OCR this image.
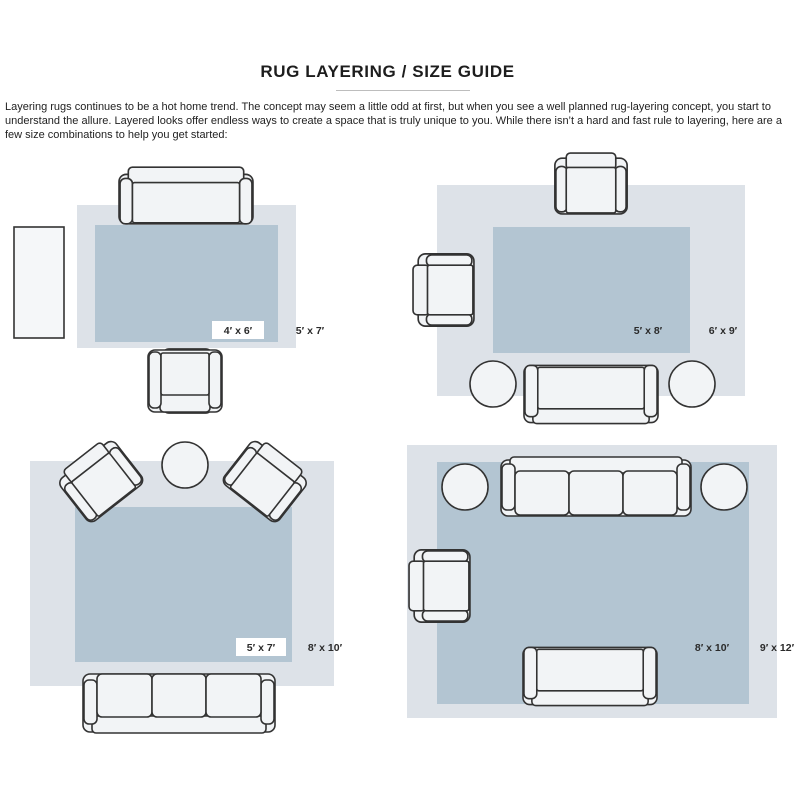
RUG LAYERING / SIZE GUIDE
Layering rugs continues to be a hot home trend. The concept may seem a little odd at first, but when you see a well planned rug-layering concept, you start to understand the allure. Layered looks offer endless ways to create a space that is truly unique to you. While there isn’t a hard and fast rule to layering, here are a few size combinations to help you get started:
4′ x 6′	5′ x 7′	5′ x 8′	6′ x 9′
5′ x 7′	8′ x 10′	8′ x 10′	9′ x 12′
